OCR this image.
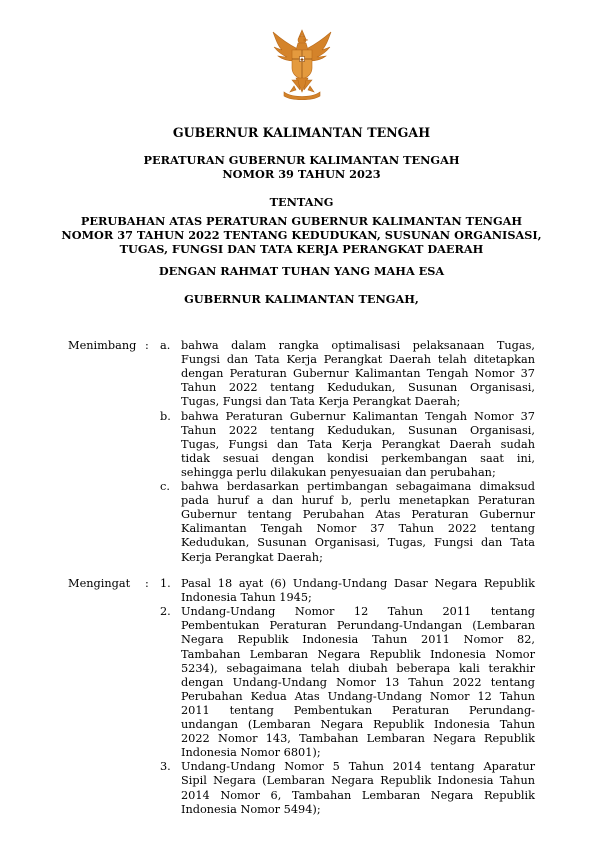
GUBERNUR KALIMANTAN TENGAH
PERATURAN GUBERNUR KALIMANTAN TENGAH
NOMOR 39 TAHUN 2023
TENTANG
PERUBAHAN ATAS PERATURAN GUBERNUR KALIMANTAN TENGAH
NOMOR 37 TAHUN 2022 TENTANG KEDUDUKAN, SUSUNAN ORGANISASI,
TUGAS, FUNGSI DAN TATA KERJA PERANGKAT DAERAH
DENGAN RAHMAT TUHAN YANG MAHA ESA
GUBERNUR KALIMANTAN TENGAH,
Menimbang : a. bahwa dalam rangka optimalisasi pelaksanaan Tugas,
Fungsi dan Tata Kerja Perangkat Daerah telah ditetapkan
dengan Peraturan Gubernur Kalimantan Tengah Nomor 37
Tahun 2022 tentang Kedudukan, Susunan Organisasi,
Tugas, Fungsi dan Tata Kerja Perangkat Daerah;
b. bahwa Peraturan Gubernur Kalimantan Tengah Nomor 37
Tahun 2022 tentang Kedudukan, Susunan Organisasi,
Tugas, Fungsi dan Tata Kerja Perangkat Daerah sudah
tidak sesuai dengan kondisi perkembangan saat ini,
sehingga perlu dilakukan penyesuaian dan perubahan;
c. bahwa berdasarkan pertimbangan sebagaimana dimaksud
pada huruf a dan huruf b, perlu menetapkan Peraturan
Gubernur tentang Perubahan Atas Peraturan Gubernur
Kalimantan Tengah Nomor 37 Tahun 2022 tentang
Kedudukan, Susunan Organisasi, Tugas, Fungsi dan Tata
Kerja Perangkat Daerah;
Mengingat : 1. Pasal 18 ayat (6) Undang-Undang Dasar Negara Republik
Indonesia Tahun 1945;
2. Undang-Undang Nomor 12 Tahun 2011 tentang
Pembentukan Peraturan Perundang-Undangan (Lembaran
Negara Republik Indonesia Tahun 2011 Nomor 82,
Tambahan Lembaran Negara Republik Indonesia Nomor
5234), sebagaimana telah diubah beberapa kali terakhir
dengan Undang-Undang Nomor 13 Tahun 2022 tentang
Perubahan Kedua Atas Undang-Undang Nomor 12 Tahun
2011 tentang Pembentukan Peraturan Perundang-
undangan (Lembaran Negara Republik Indonesia Tahun
2022 Nomor 143, Tambahan Lembaran Negara Republik
Indonesia Nomor 6801);
3. Undang-Undang Nomor 5 Tahun 2014 tentang Aparatur
Sipil Negara (Lembaran Negara Republik Indonesia Tahun
2014 Nomor 6, Tambahan Lembaran Negara Republik
Indonesia Nomor 5494);
